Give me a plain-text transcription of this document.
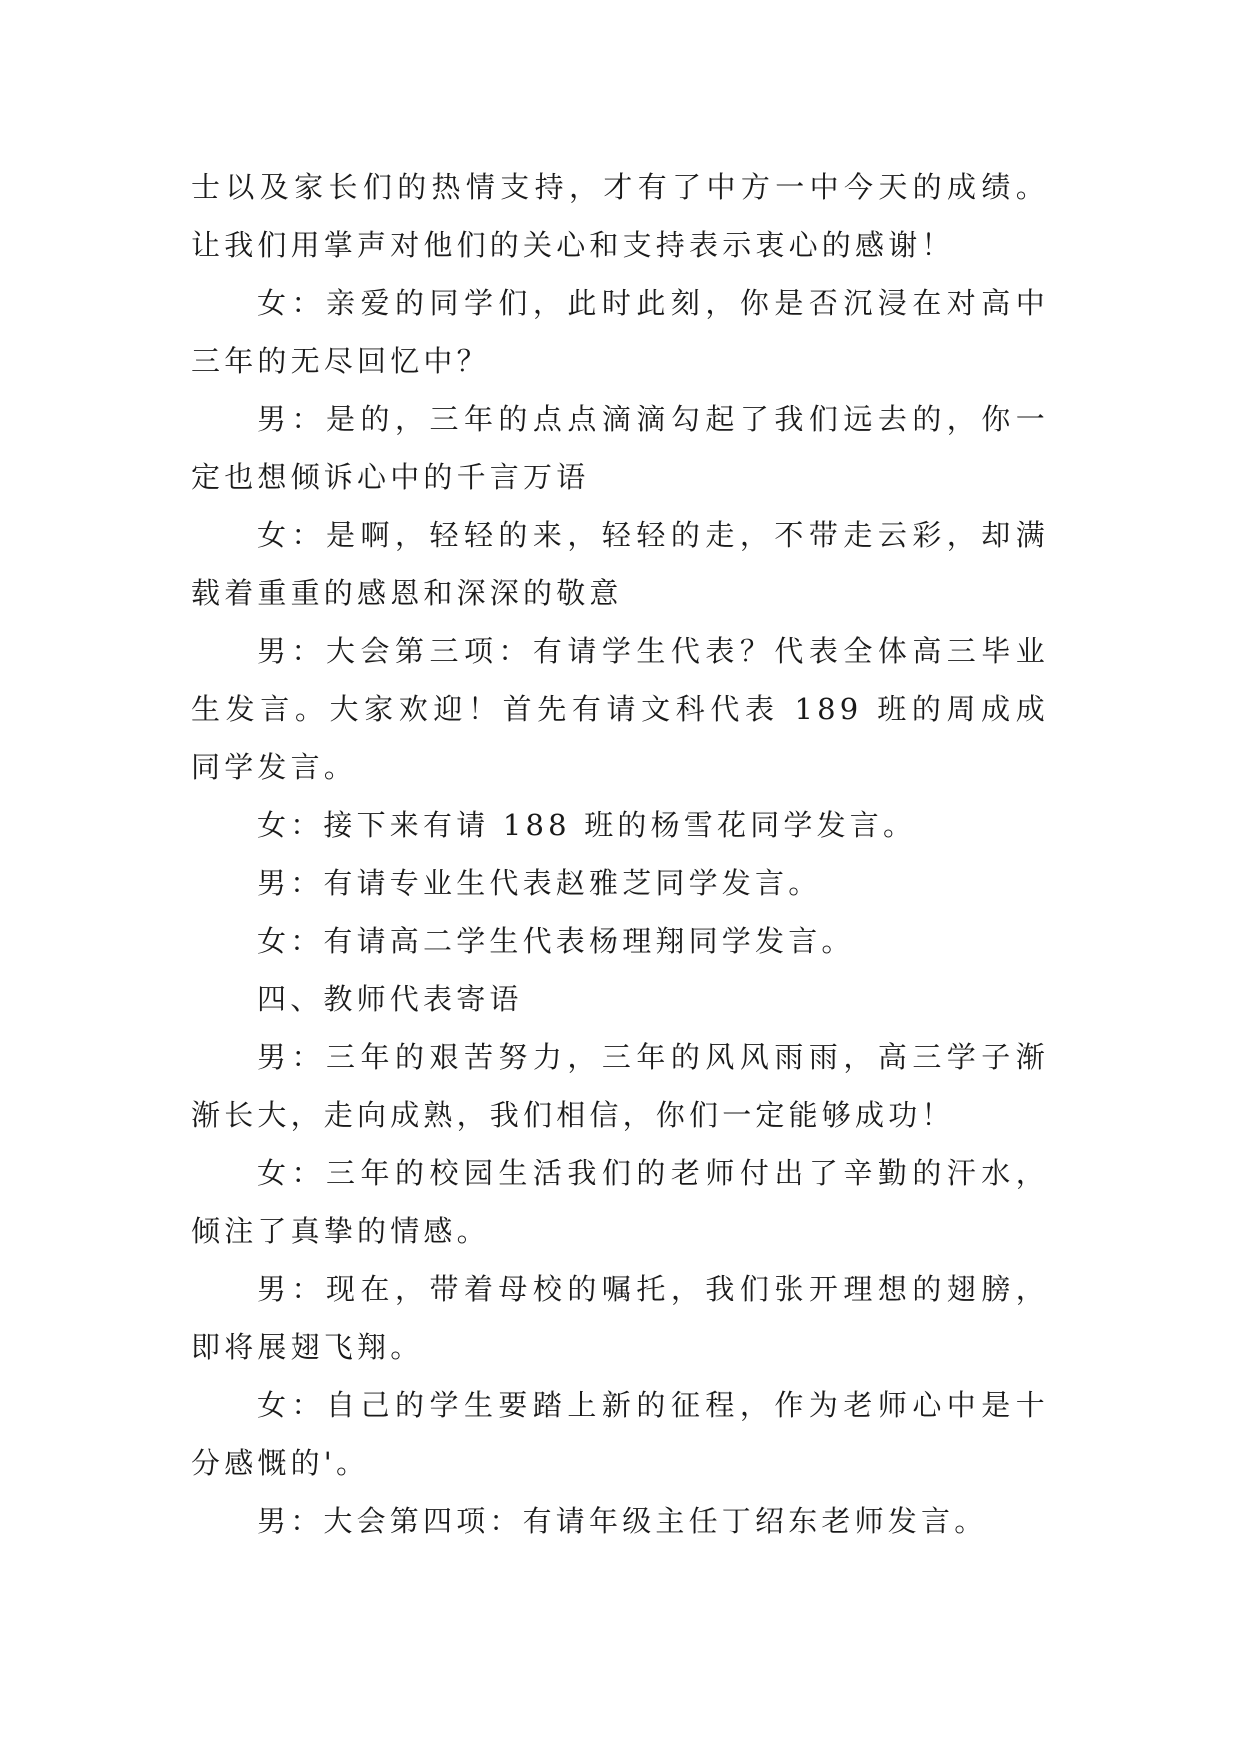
士以及家长们的热情支持，才有了中方一中今天的成绩。让我们用掌声对他们的关心和支持表示衷心的感谢！

女：亲爱的同学们，此时此刻，你是否沉浸在对高中三年的无尽回忆中？

男：是的，三年的点点滴滴勾起了我们远去的，你一定也想倾诉心中的千言万语

女：是啊，轻轻的来，轻轻的走，不带走云彩，却满载着重重的感恩和深深的敬意

男：大会第三项：有请学生代表？代表全体高三毕业生发言。大家欢迎！首先有请文科代表 189 班的周成成同学发言。

女：接下来有请 188 班的杨雪花同学发言。

男：有请专业生代表赵雅芝同学发言。

女：有请高二学生代表杨理翔同学发言。

四、教师代表寄语

男：三年的艰苦努力，三年的风风雨雨，高三学子渐渐长大，走向成熟，我们相信，你们一定能够成功！

女：三年的校园生活我们的老师付出了辛勤的汗水，倾注了真挚的情感。

男：现在，带着母校的嘱托，我们张开理想的翅膀，即将展翅飞翔。

女：自己的学生要踏上新的征程，作为老师心中是十分感慨的'。

男：大会第四项：有请年级主任丁绍东老师发言。
